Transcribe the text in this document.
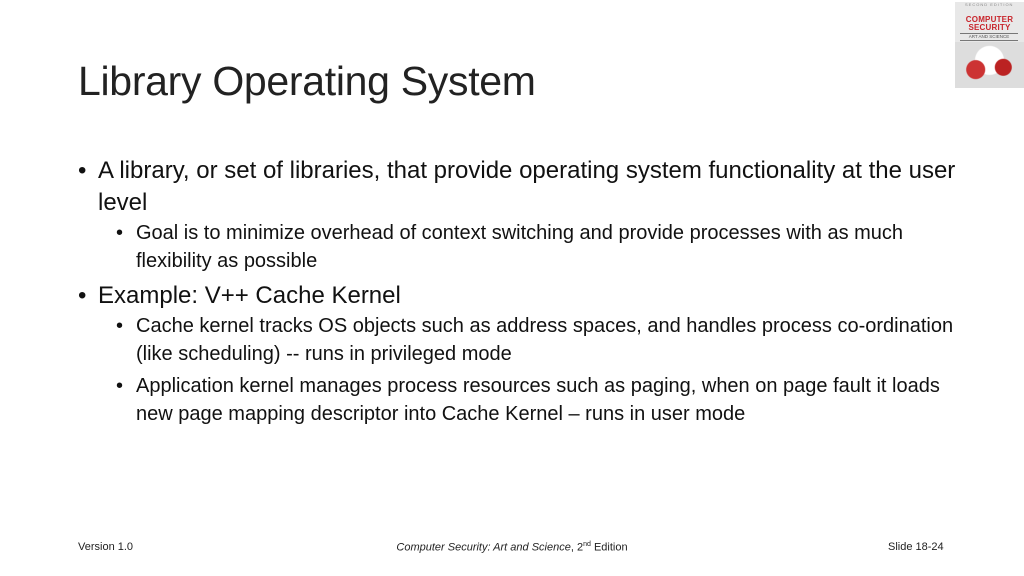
Library Operating System
SECOND EDITION
COMPUTER
SECURITY
ART AND SCIENCE
• A library, or set of libraries, that provide operating system functionality at the user level
• Goal is to minimize overhead of context switching and provide processes with as much flexibility as possible
• Example: V++ Cache Kernel
• Cache kernel tracks OS objects such as address spaces, and handles process co-ordination (like scheduling) -- runs in privileged mode
• Application kernel manages process resources such as paging, when on page fault it loads new page mapping descriptor into Cache Kernel – runs in user mode
Version 1.0	Computer Security: Art and Science, 2nd Edition	Slide 18-24
